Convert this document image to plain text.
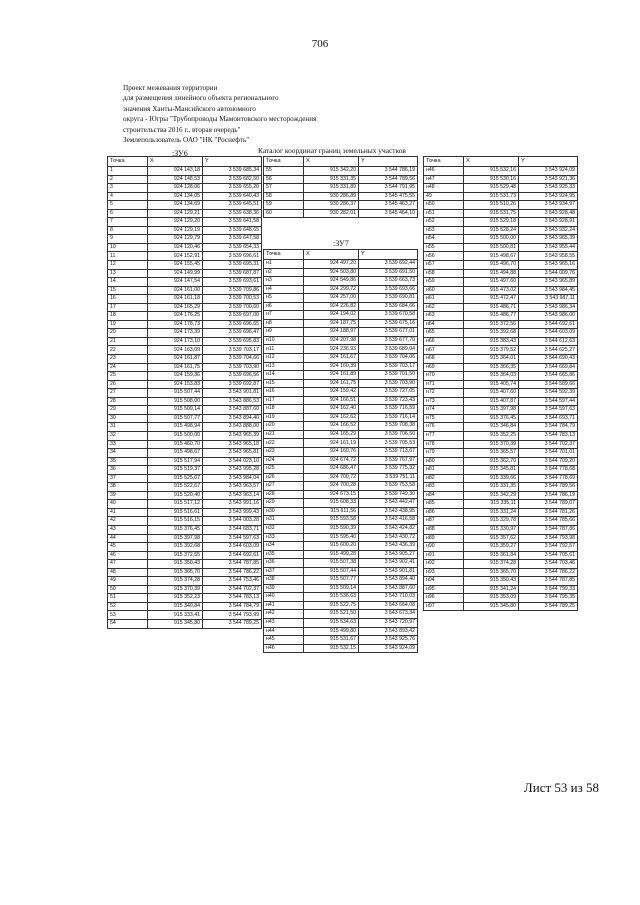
706
Проект межевания территории
для размещения линейного объекта регионального
значения Ханты-Мансийского автономного
округа - Югры "Трубопроводы Мамонтовского месторождения
строительства 2016 г., вторая очередь"
Землепользователь ОАО "НК "Роснефть"
Каталог координат границ земельных участков
:ЗУ6
:ЗУ7
Точка	X	Y
1	924 143,18	3 539 685,34
2	924 148,53	3 539 682,50
3	924 128,06	3 539 655,20
4	924 134,05	3 539 640,43
5	924 134,69	3 539 645,51
6	924 129,21	3 539 638,36
7	924 129,20	3 539 641,58
8	924 129,19	3 539 648,65
9	924 129,79	3 539 647,58
10	924 120,46	3 539 654,33
11	924 152,91	3 539 696,61
12	924 155,45	3 539 695,31
13	924 149,99	3 539 687,87
14	924 147,54	3 539 693,61
15	924 161,00	3 539 709,86
16	924 161,18	3 539 700,53
17	924 165,29	3 539 700,60
18	924 176,25	3 539 697,00
19	924 178,73	3 539 696,65
20	924 173,39	3 539 696,47
21	924 173,10	3 539 695,83
22	924 163,09	3 539 703,17
23	924 161,87	3 539 704,66
24	924 161,75	3 539 703,90
25	924 159,36	3 539 696,56
26	924 153,83	3 539 692,87
27	915 507,44	3 543 901,81
28	915 508,00	3 543 886,53
29	915 509,14	3 543 887,60
30	915 507,77	3 543 894,40
31	915 498,94	3 543 888,00
32	915 500,00	3 543 965,39
33	915 460,70	3 543 965,18
34	915 498,67	3 543 965,81
35	915 517,94	3 544 023,10
36	915 519,37	3 543 995,28
37	915 525,07	3 543 984,04
38	915 522,67	3 543 963,57
39	915 520,40	3 543 963,14
40	915 517,12	3 543 991,16
41	915 516,61	3 543 999,43
42	915 516,15	3 544 003,28
43	915 376,45	3 544 683,71
44	915 397,98	3 544 597,63
45	915 392,68	3 544 603,09
46	915 372,55	3 544 692,61
47	915 350,43	3 544 787,85
48	915 365,70	3 544 786,22
49	915 374,28	3 544 753,46
50	915 370,39	3 544 702,37
51	915 352,23	3 544 783,13
52	915 340,84	3 544 784,79
53	915 333,41	3 544 793,99
54	915 345,80	3 544 789,25
Точка	X	Y
55	915 342,20	3 544 786,19
56	915 331,35	3 544 789,56
57	915 331,89	3 544 791,95
58	930 286,89	3 545 475,55
59	930 286,37	3 545 463,27
60	930 282,01	3 545 464,10
Точка	X	Y
н1	924 497,20	3 539 692,44
н2	924 503,80	3 539 691,50
н3	924 549,86	3 539 663,73
н4	924 299,72	3 539 693,66
н5	924 257,00	3 539 690,81
н6	924 226,82	3 539 684,66
н7	924 194,02	3 539 670,58
н8	924 187,75	3 539 675,16
н9	924 188,97	3 539 677,01
н10	924 207,98	3 539 677,70
н11	924 236,93	3 539 689,04
н12	924 161,67	3 539 704,06
н13	924 160,39	3 539 703,17
н14	924 161,89	3 539 701,50
н15	924 161,75	3 539 703,90
н16	924 159,42	3 539 727,05
н17	924 166,51	3 539 723,43
н18	924 162,40	3 539 716,59
н19	924 162,62	3 539 716,14
н20	924 166,52	3 539 708,38
н21	924 165,29	3 539 706,50
н22	924 161,19	3 539 705,53
н23	924 160,76	3 539 713,67
н24	924 674,72	3 539 767,97
н25	924 686,47	3 539 775,32
н26	924 700,72	3 539 751,11
н27	924 700,28	3 539 753,58
н28	924 673,15	3 539 749,30
н29	915 608,33	3 543 442,47
н30	915 611,56	3 543 438,95
н31	915 593,58	3 543 416,58
н32	915 590,39	3 543 424,82
н33	915 595,40	3 543 430,72
н34	915 600,20	3 543 436,39
н35	915 499,28	3 543 905,27
н36	915 507,38	3 543 902,41
н37	915 507,44	3 543 901,81
н38	915 507,77	3 543 894,40
н39	915 509,14	3 543 887,60
н40	915 536,63	3 543 710,03
н41	915 522,75	3 543 664,08
н42	915 521,50	3 543 673,34
н43	915 534,63	3 543 720,97
н44	915 499,80	3 543 893,42
н45	915 531,67	3 543 925,76
н46	915 532,15	3 543 924,09
Точка	X	Y
н46	915 532,16	3 543 924,09
н47	915 530,16	3 543 921,36
н48	915 529,48	3 543 925,33
49	915 531,73	3 543 924,95
н50	915 510,26	3 543 934,97
н51	915 531,75	3 543 928,48
н52	915 529,18	3 543 928,91
н53	915 528,24	3 543 932,24
н54	915 500,00	3 543 965,39
н55	915 500,81	3 543 955,44
н56	915 498,67	3 543 958,55
н57	915 496,70	3 543 965,16
н58	915 494,88	3 544 009,76
н59	915 497,60	3 543 965,89
н60	915 473,02	3 543 984,45
н61	915 472,47	3 543 987,11
н62	915 486,71	3 543 986,34
н63	915 486,77	3 543 986,00
н64	915 372,56	3 544 692,61
н65	915 392,68	3 544 603,09
н66	915 383,43	3 544 612,63
н67	915 379,52	3 544 625,27
н68	915 364,01	3 544 690,43
н69	915 366,35	3 544 669,84
н70	915 364,03	3 544 665,86
н71	915 405,74	3 544 589,66
н72	915 407,60	3 544 592,39
н73	915 407,87	3 544 597,44
н74	915 397,98	3 544 597,63
н75	915 376,45	3 544 693,71
н76	915 346,84	3 544 784,79
н77	915 352,25	3 544 783,13
н78	915 370,39	3 544 702,37
н79	915 365,57	3 544 701,01
н80	915 362,70	3 544 709,20
н81	915 345,81	3 544 778,68
н82	915 339,66	3 544 778,69
н83	915 331,35	3 544 789,56
н84	915 342,29	3 544 786,19
н85	915 335,11	3 544 789,07
н86	915 331,24	3 544 781,26
н87	915 329,78	3 544 785,66
н88	915 330,97	3 544 787,86
н89	915 357,62	3 544 793,98
н90	915 359,27	3 544 792,57
н91	915 361,84	3 544 705,61
н92	915 374,28	3 544 703,46
н93	915 365,70	3 544 786,22
н94	915 350,43	3 544 787,85
н95	915 341,24	3 544 799,33
н96	915 353,09	3 544 795,35
н97	915 345,80	3 544 789,25
Лист 53 из 58
